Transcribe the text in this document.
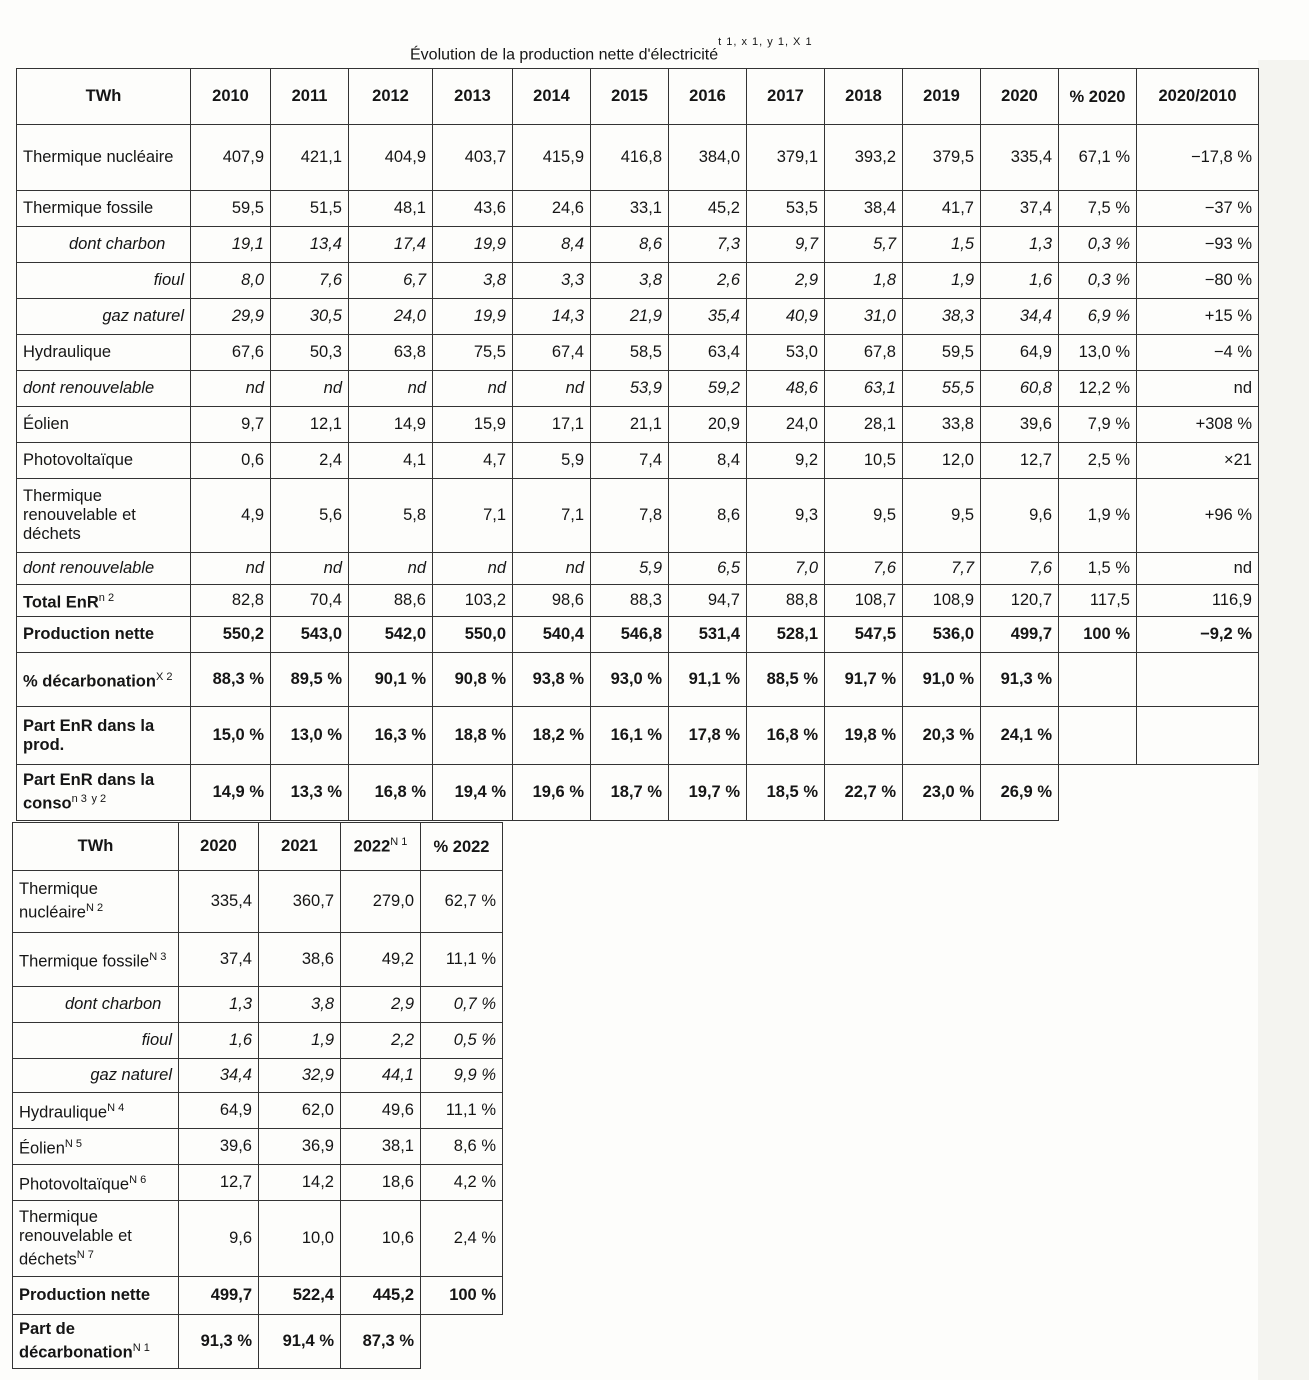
Évolution de la production nette d'électricité$^{t 1, x 1, y 1, X 1}$
TWh	2010	2011	2012	2013	2014	2015	2016	2017	2018	2019	2020	% 2020	2020/2010
Thermique nucléaire	407,9	421,1	404,9	403,7	415,9	416,8	384,0	379,1	393,2	379,5	335,4	67,1 %	−17,8 %
Thermique fossile	59,5	51,5	48,1	43,6	24,6	33,1	45,2	53,5	38,4	41,7	37,4	7,5 %	−37 %
dont charbon	19,1	13,4	17,4	19,9	8,4	8,6	7,3	9,7	5,7	1,5	1,3	0,3 %	−93 %
fioul	8,0	7,6	6,7	3,8	3,3	3,8	2,6	2,9	1,8	1,9	1,6	0,3 %	−80 %
gaz naturel	29,9	30,5	24,0	19,9	14,3	21,9	35,4	40,9	31,0	38,3	34,4	6,9 %	+15 %
Hydraulique	67,6	50,3	63,8	75,5	67,4	58,5	63,4	53,0	67,8	59,5	64,9	13,0 %	−4 %
dont renouvelable	nd	nd	nd	nd	nd	53,9	59,2	48,6	63,1	55,5	60,8	12,2 %	nd
Éolien	9,7	12,1	14,9	15,9	17,1	21,1	20,9	24,0	28,1	33,8	39,6	7,9 %	+308 %
Photovoltaïque	0,6	2,4	4,1	4,7	5,9	7,4	8,4	9,2	10,5	12,0	12,7	2,5 %	×21
Thermique renouvelable et déchets	4,9	5,6	5,8	7,1	7,1	7,8	8,6	9,3	9,5	9,5	9,6	1,9 %	+96 %
dont renouvelable	nd	nd	nd	nd	nd	5,9	6,5	7,0	7,6	7,7	7,6	1,5 %	nd
Total EnR$^{n 2}$	82,8	70,4	88,6	103,2	98,6	88,3	94,7	88,8	108,7	108,9	120,7	117,5	116,9
Production nette	550,2	543,0	542,0	550,0	540,4	546,8	531,4	528,1	547,5	536,0	499,7	100 %	−9,2 %
% décarbonation$^{X 2}$	88,3 %	89,5 %	90,1 %	90,8 %	93,8 %	93,0 %	91,1 %	88,5 %	91,7 %	91,0 %	91,3 %		
Part EnR dans la prod.	15,0 %	13,0 %	16,3 %	18,8 %	18,2 %	16,1 %	17,8 %	16,8 %	19,8 %	20,3 %	24,1 %		
Part EnR dans la conso$^{n 3}$ $^{y 2}$	14,9 %	13,3 %	16,8 %	19,4 %	19,6 %	18,7 %	19,7 %	18,5 %	22,7 %	23,0 %	26,9 %		
TWh	2020	2021	$2022^{N 1}$	% 2022
Thermique nucléaire$^{N 2}$	335,4	360,7	279,0	62,7 %
Thermique fossile$^{N 3}$	37,4	38,6	49,2	11,1 %
dont charbon	1,3	3,8	2,9	0,7 %
fioul	1,6	1,9	2,2	0,5 %
gaz naturel	34,4	32,9	44,1	9,9 %
Hydraulique$^{N 4}$	64,9	62,0	49,6	11,1 %
Éolien$^{N 5}$	39,6	36,9	38,1	8,6 %
Photovoltaïque$^{N 6}$	12,7	14,2	18,6	4,2 %
Thermique renouvelable et déchets$^{N 7}$	9,6	10,0	10,6	2,4 %
Production nette	499,7	522,4	445,2	100 %
Part de décarbonation$^{N 1}$	91,3 %	91,4 %	87,3 %	
